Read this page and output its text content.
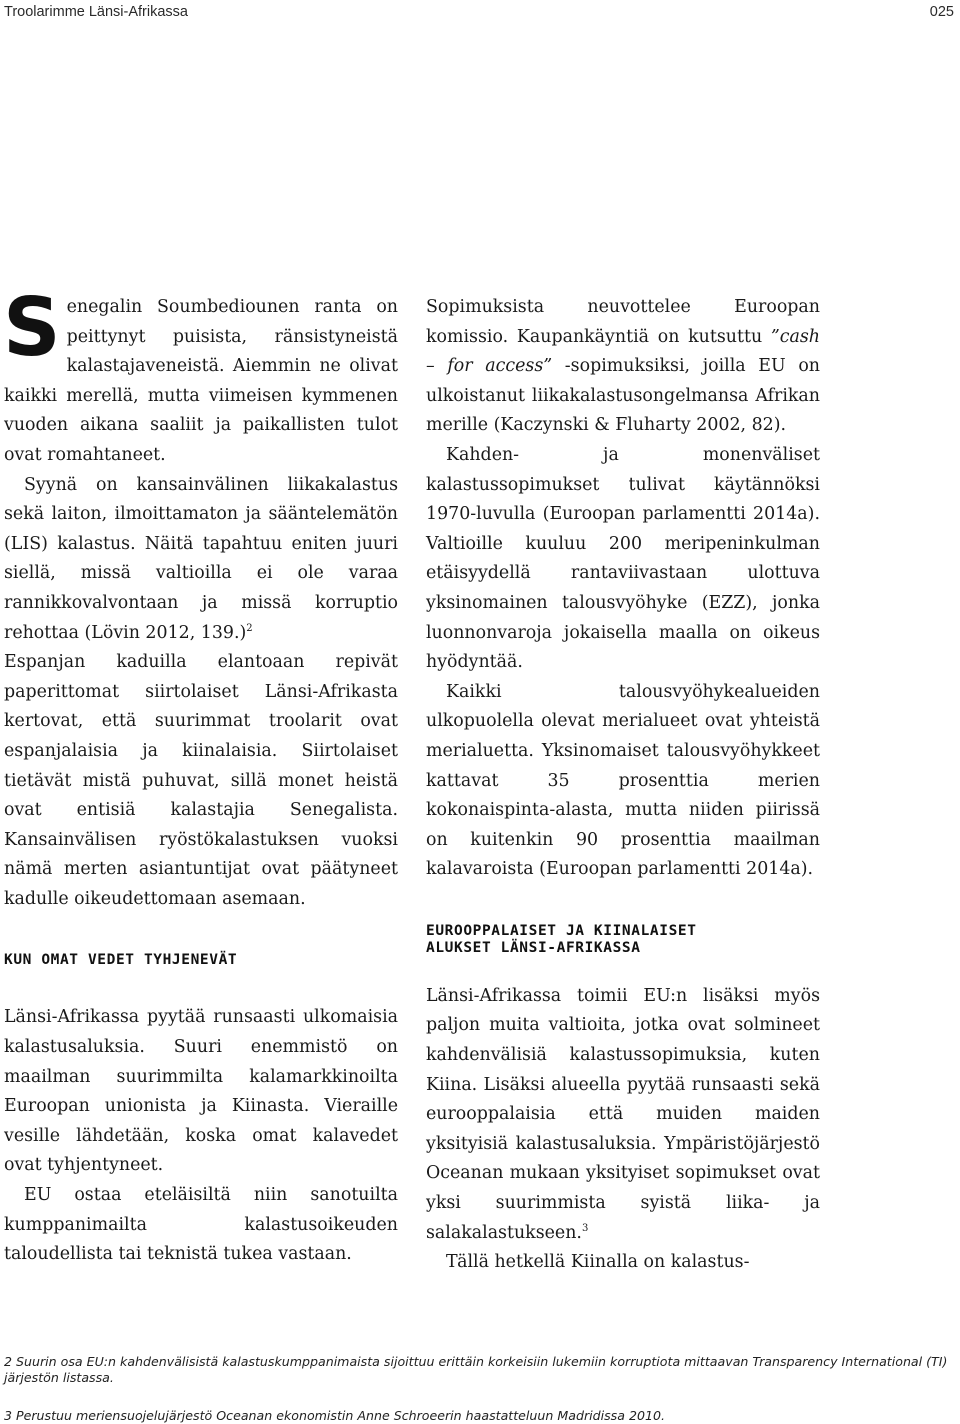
Troolarimme Länsi-Afrikassa	025

Senegalin Soumbediounen ranta on peittynyt puisista, ränsistyneistä kalastajaveneistä. Aiemmin ne olivat kaikki merellä, mutta viimeisen kymmenen vuoden aikana saaliit ja paikallisten tulot ovat romahtaneet.

Syynä on kansainvälinen liikakalastus sekä laiton, ilmoittamaton ja sääntelemätön (LIS) kalastus. Näitä tapahtuu eniten juuri siellä, missä valtioilla ei ole varaa rannikkovalvontaan ja missä korruptio rehottaa (Lövin 2012, 139.)$^2$

Espanjan kaduilla elantoaan repivät paperittomat siirtolaiset Länsi-Afrikasta kertovat, että suurimmat troolarit ovat espanjalaisia ja kiinalaisia. Siirtolaiset tietävät mistä puhuvat, sillä monet heistä ovat entisiä kalastajia Senegalista. Kansainvälisen ryöstökalastuksen vuoksi nämä merten asiantuntijat ovat päätyneet kadulle oikeudettomaan asemaan.

KUN OMAT VEDET TYHJENEVÄT

Länsi-Afrikassa pyytää runsaasti ulkomaisia kalastusaluksia. Suuri enemmistö on maailman suurimmilta kalamarkkinoilta Euroopan unionista ja Kiinasta. Vieraille vesille lähdetään, koska omat kalavedet ovat tyhjentyneet.

EU ostaa eteläisiltä niin sanotuilta kumppanimailta kalastusoikeuden taloudellista tai teknistä tukea vastaan.

Sopimuksista neuvottelee Euroopan komissio. Kaupankäyntiä on kutsuttu ”cash – for access” -sopimuksiksi, joilla EU on ulkoistanut liikakalastusongelmansa Afrikan merille (Kaczynski & Fluharty 2002, 82).

Kahden- ja monenväliset kalastussopimukset tulivat käytännöksi 1970-luvulla (Euroopan parlamentti 2014a). Valtioille kuuluu 200 meripeninkulman etäisyydellä rantaviivastaan ulottuva yksinomainen talousvyöhyke (EZZ), jonka luonnonvaroja jokaisella maalla on oikeus hyödyntää.

Kaikki talousvyöhykealueiden ulkopuolella olevat merialueet ovat yhteistä merialuetta. Yksinomaiset talousvyöhykkeet kattavat 35 prosenttia merien kokonaispinta-alasta, mutta niiden piirissä on kuitenkin 90 prosenttia maailman kalavaroista (Euroopan parlamentti 2014a).

EUROOPPALAISET JA KIINALAISET
ALUKSET LÄNSI-AFRIKASSA

Länsi-Afrikassa toimii EU:n lisäksi myös paljon muita valtioita, jotka ovat solmineet kahdenvälisiä kalastussopimuksia, kuten Kiina. Lisäksi alueella pyytää runsaasti sekä eurooppalaisia että muiden maiden yksityisiä kalastusaluksia. Ympäristöjärjestö Oceanan mukaan yksityiset sopimukset ovat yksi suurimmista syistä liika- ja salakalastukseen.$^3$

Tällä hetkellä Kiinalla on kalastus-

2 Suurin osa EU:n kahdenvälisistä kalastuskumppanimaista sijoittuu erittäin korkeisiin lukemiin korruptiota mittaavan Transparency International (TI) järjestön listassa.

3 Perustuu meriensuojelujärjestö Oceanan ekonomistin Anne Schroeerin haastatteluun Madridissa 2010.
